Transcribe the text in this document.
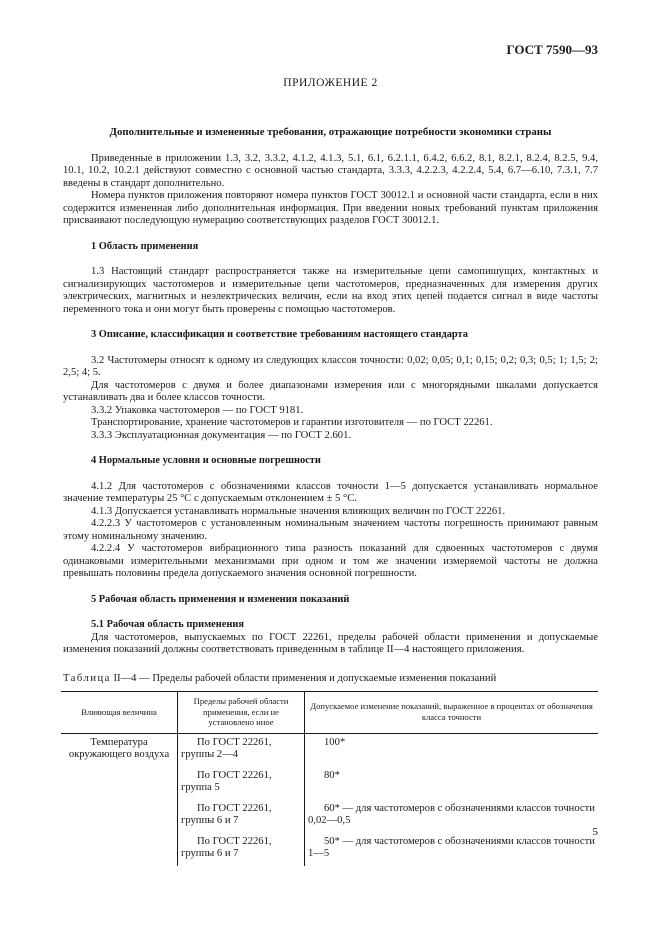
ГОСТ 7590—93
ПРИЛОЖЕНИЕ 2
Дополнительные и измененные требования, отражающие потребности экономики страны

Приведенные в приложении 1.3, 3.2, 3.3.2, 4.1.2, 4.1.3, 5.1, 6.1, 6.2.1.1, 6.4.2, 6.6.2, 8.1, 8.2.1, 8.2.4, 8.2.5, 9.4, 10.1, 10.2, 10.2.1 действуют совместно с основной частью стандарта, 3.3.3, 4.2.2.3, 4.2.2.4, 5.4, 6.7—6.10, 7.3.1, 7.7 введены в стандарт дополнительно.

Номера пунктов приложения повторяют номера пунктов ГОСТ 30012.1 и основной части стандарта, если в них содержится измененная либо дополнительная информация. При введении новых требований пунктам приложения присваивают последующую нумерацию соответствующих разделов ГОСТ 30012.1.

1 Область применения

1.3 Настоящий стандарт распространяется также на измерительные цепи самопишущих, контактных и сигнализирующих частотомеров и измерительные цепи частотомеров, предназначенных для измерения других электрических, магнитных и неэлектрических величин, если на вход этих цепей подается сигнал в виде частоты переменного тока и они могут быть проверены с помощью частотомеров.

3 Описание, классификация и соответствие требованиям настоящего стандарта

3.2 Частотомеры относят к одному из следующих классов точности: 0,02; 0,05; 0,1; 0,15; 0,2; 0,3; 0,5; 1; 1,5; 2; 2,5; 4; 5.

Для частотомеров с двумя и более диапазонами измерения или с многорядными шкалами допускается устанавливать два и более классов точности.

3.3.2 Упаковка частотомеров — по ГОСТ 9181.

Транспортирование, хранение частотомеров и гарантии изготовителя — по ГОСТ 22261.

3.3.3 Эксплуатационная документация — по ГОСТ 2.601.

4 Нормальные условия и основные погрешности

4.1.2 Для частотомеров с обозначениями классов точности 1—5 допускается устанавливать нормальное значение температуры 25 °С с допускаемым отклонением ± 5 °С.

4.1.3 Допускается устанавливать нормальные значения влияющих величин по ГОСТ 22261.

4.2.2.3 У частотомеров с установленным номинальным значением частоты погрешность принимают равным этому номинальному значению.

4.2.2.4 У частотомеров вибрационного типа разность показаний для сдвоенных частотомеров с двумя одинаковыми измерительными механизмами при одном и том же значении измеряемой частоты не должна превышать половины предела допускаемого значения основной погрешности.

5 Рабочая область применения и изменения показаний
5.1 Рабочая область применения

Для частотомеров, выпускаемых по ГОСТ 22261, пределы рабочей области применения и допускаемые изменения показаний должны соответствовать приведенным в таблице II—4 настоящего приложения.

Таблица II—4 — Пределы рабочей области применения и допускаемые изменения показаний
Влияющая величина	Пределы рабочей области применения, если не установлено иное	Допускаемое изменение показаний, выраженное в процентах от обозначения класса точности
Температура окружающего воздуха	По ГОСТ 22261, группы 2—4	100*
	По ГОСТ 22261, группа 5	80*
	По ГОСТ 22261, группы 6 и 7	60* — для частотомеров с обозначениями классов точности 0,02—0,5
	По ГОСТ 22261, группы 6 и 7	50* — для частотомеров с обозначениями классов точности 1—5
5
